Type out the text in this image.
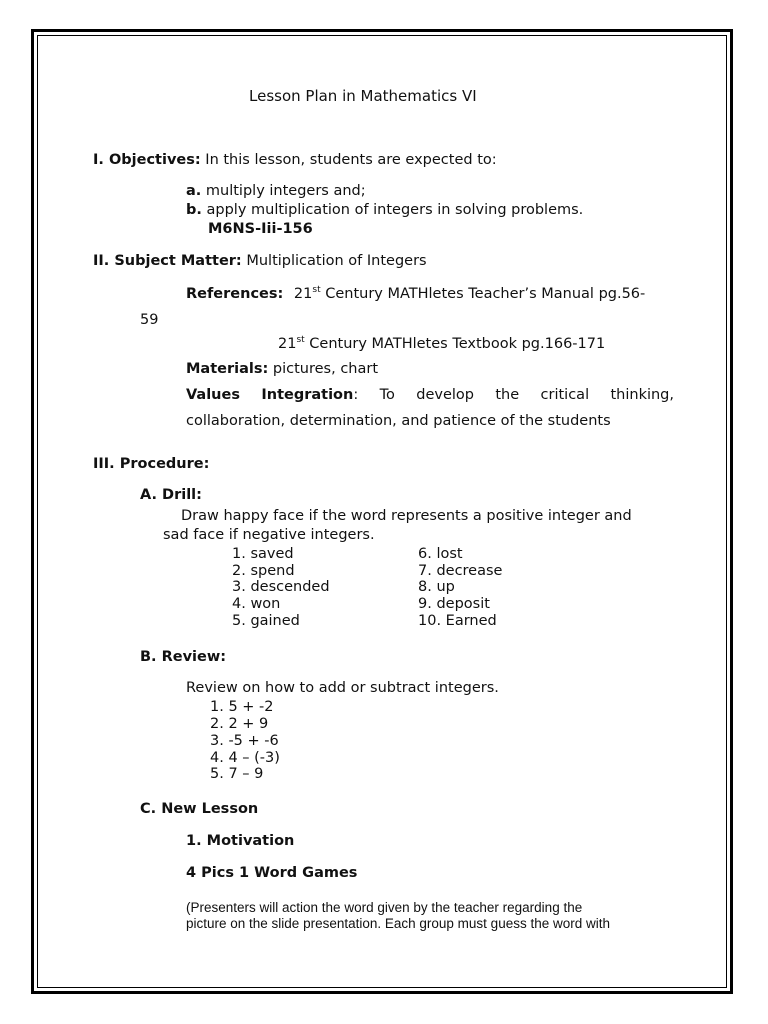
Lesson Plan in Mathematics VI
I. Objectives: In this lesson, students are expected to:
a. multiply integers and;
b. apply multiplication of integers in solving problems.
M6NS-Iii-156
II. Subject Matter: Multiplication of Integers
References: 21st Century MATHletes Teacher’s Manual pg.56-
59
21st Century MATHletes Textbook pg.166-171
Materials: pictures, chart
Values Integration: To develop the critical thinking,
collaboration, determination, and patience of the students
III. Procedure:
A. Drill:
Draw happy face if the word represents a positive integer and
sad face if negative integers.
1. saved
2. spend
3. descended
4. won
5. gained
6. lost
7. decrease
8. up
9. deposit
10. Earned
B. Review:
Review on how to add or subtract integers.
1. 5 + -2
2. 2 + 9
3. -5 + -6
4. 4 – (-3)
5. 7 – 9
C. New Lesson
1. Motivation
4 Pics 1 Word Games
(Presenters will action the word given by the teacher regarding the
picture on the slide presentation. Each group must guess the word with
